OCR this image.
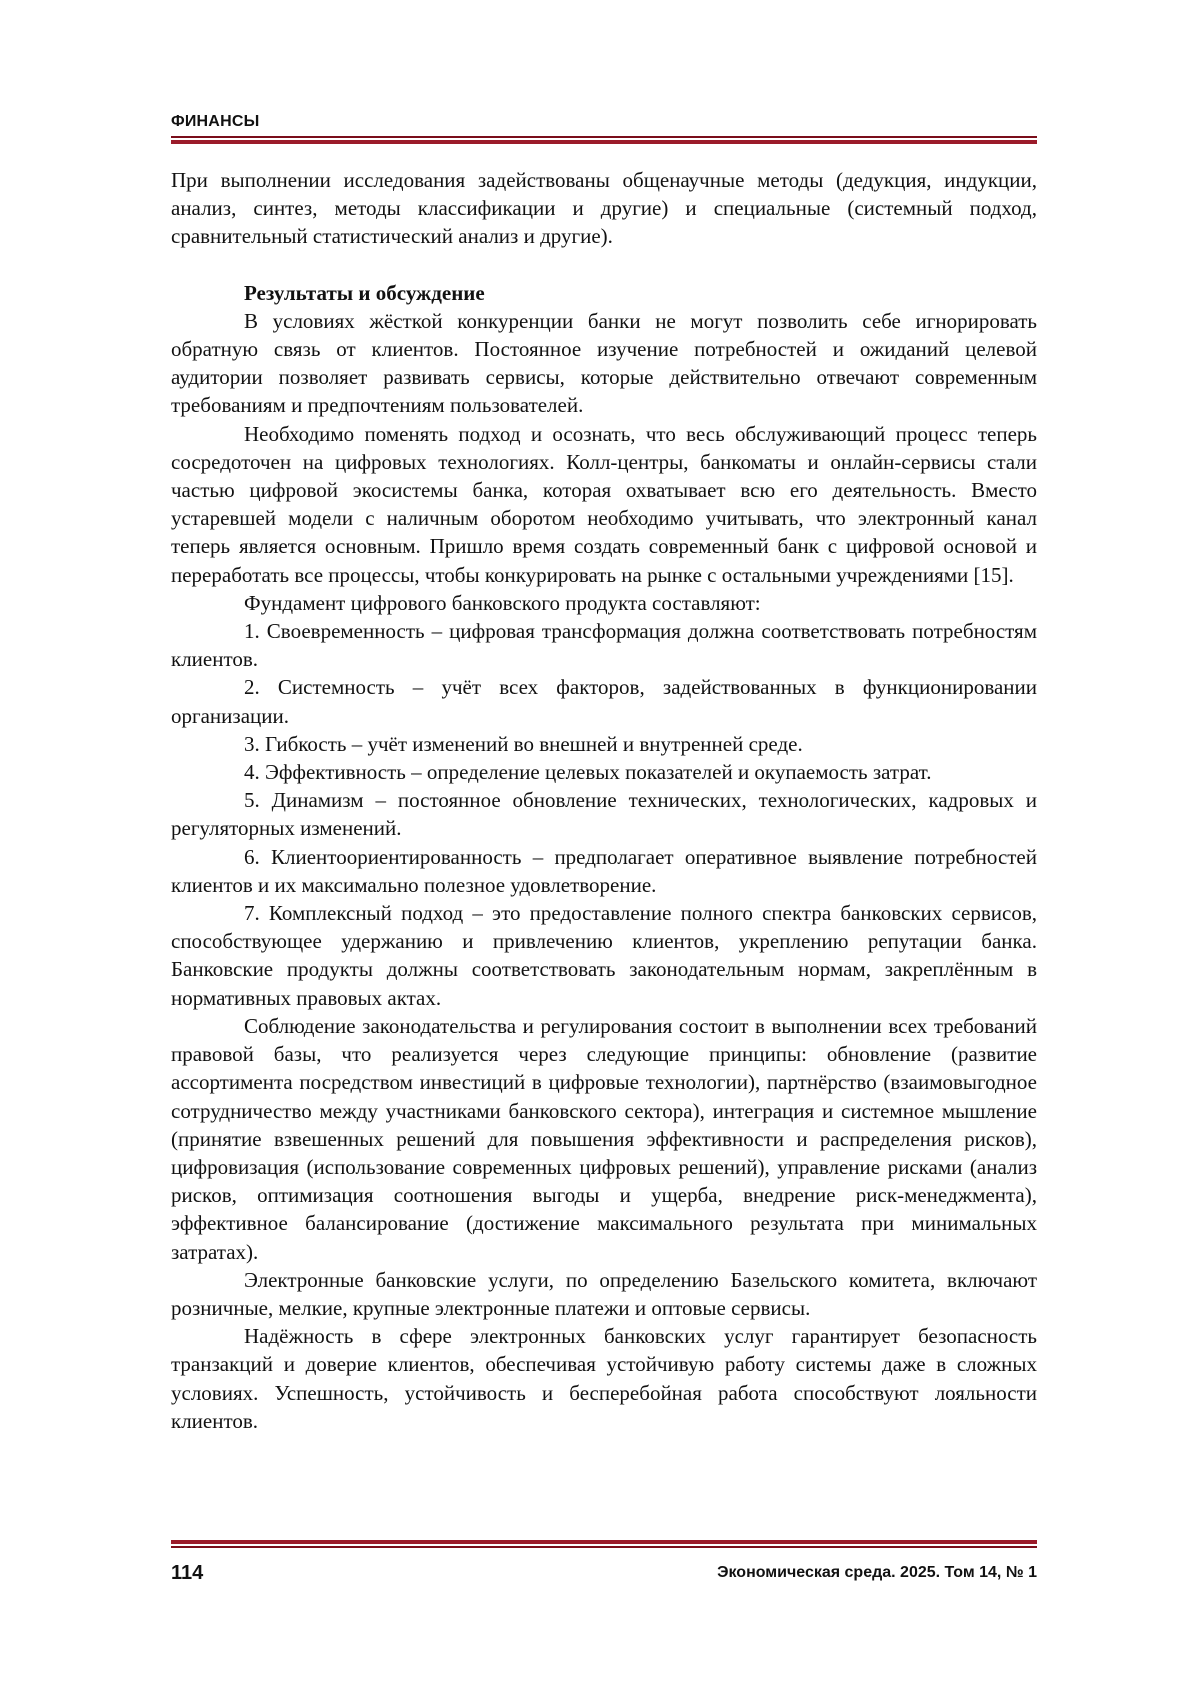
ФИНАНСЫ

При выполнении исследования задействованы общенаучные методы (дедукция, индукции, анализ, синтез, методы классификации и другие) и специальные (системный подход, сравнительный статистический анализ и другие).

Результаты и обсуждение

В условиях жёсткой конкуренции банки не могут позволить себе игнорировать обратную связь от клиентов. Постоянное изучение потребностей и ожиданий целевой аудитории позволяет развивать сервисы, которые действительно отвечают современным требованиям и предпочтениям пользователей.

Необходимо поменять подход и осознать, что весь обслуживающий процесс теперь сосредоточен на цифровых технологиях. Колл-центры, банкоматы и онлайн-сервисы стали частью цифровой экосистемы банка, которая охватывает всю его деятельность. Вместо устаревшей модели с наличным оборотом необходимо учитывать, что электронный канал теперь является основным. Пришло время создать современный банк с цифровой основой и переработать все процессы, чтобы конкурировать на рынке с остальными учреждениями [15].

Фундамент цифрового банковского продукта составляют:

1. Своевременность – цифровая трансформация должна соответствовать потребностям клиентов.

2. Системность – учёт всех факторов, задействованных в функционировании организации.

3. Гибкость – учёт изменений во внешней и внутренней среде.

4. Эффективность – определение целевых показателей и окупаемость затрат.

5. Динамизм – постоянное обновление технических, технологических, кадровых и регуляторных изменений.

6. Клиентоориентированность – предполагает оперативное выявление потребностей клиентов и их максимально полезное удовлетворение.

7. Комплексный подход – это предоставление полного спектра банковских сервисов, способствующее удержанию и привлечению клиентов, укреплению репутации банка. Банковские продукты должны соответствовать законодательным нормам, закреплённым в нормативных правовых актах.

Соблюдение законодательства и регулирования состоит в выполнении всех требований правовой базы, что реализуется через следующие принципы: обновление (развитие ассортимента посредством инвестиций в цифровые технологии), партнёрство (взаимовыгодное сотрудничество между участниками банковского сектора), интеграция и системное мышление (принятие взвешенных решений для повышения эффективности и распределения рисков), цифровизация (использование современных цифровых решений), управление рисками (анализ рисков, оптимизация соотношения выгоды и ущерба, внедрение риск-менеджмента), эффективное балансирование (достижение максимального результата при минимальных затратах).

Электронные банковские услуги, по определению Базельского комитета, включают розничные, мелкие, крупные электронные платежи и оптовые сервисы.

Надёжность в сфере электронных банковских услуг гарантирует безопасность транзакций и доверие клиентов, обеспечивая устойчивую работу системы даже в сложных условиях. Успешность, устойчивость и бесперебойная работа способствуют лояльности клиентов.

114	Экономическая среда. 2025. Том 14, № 1
